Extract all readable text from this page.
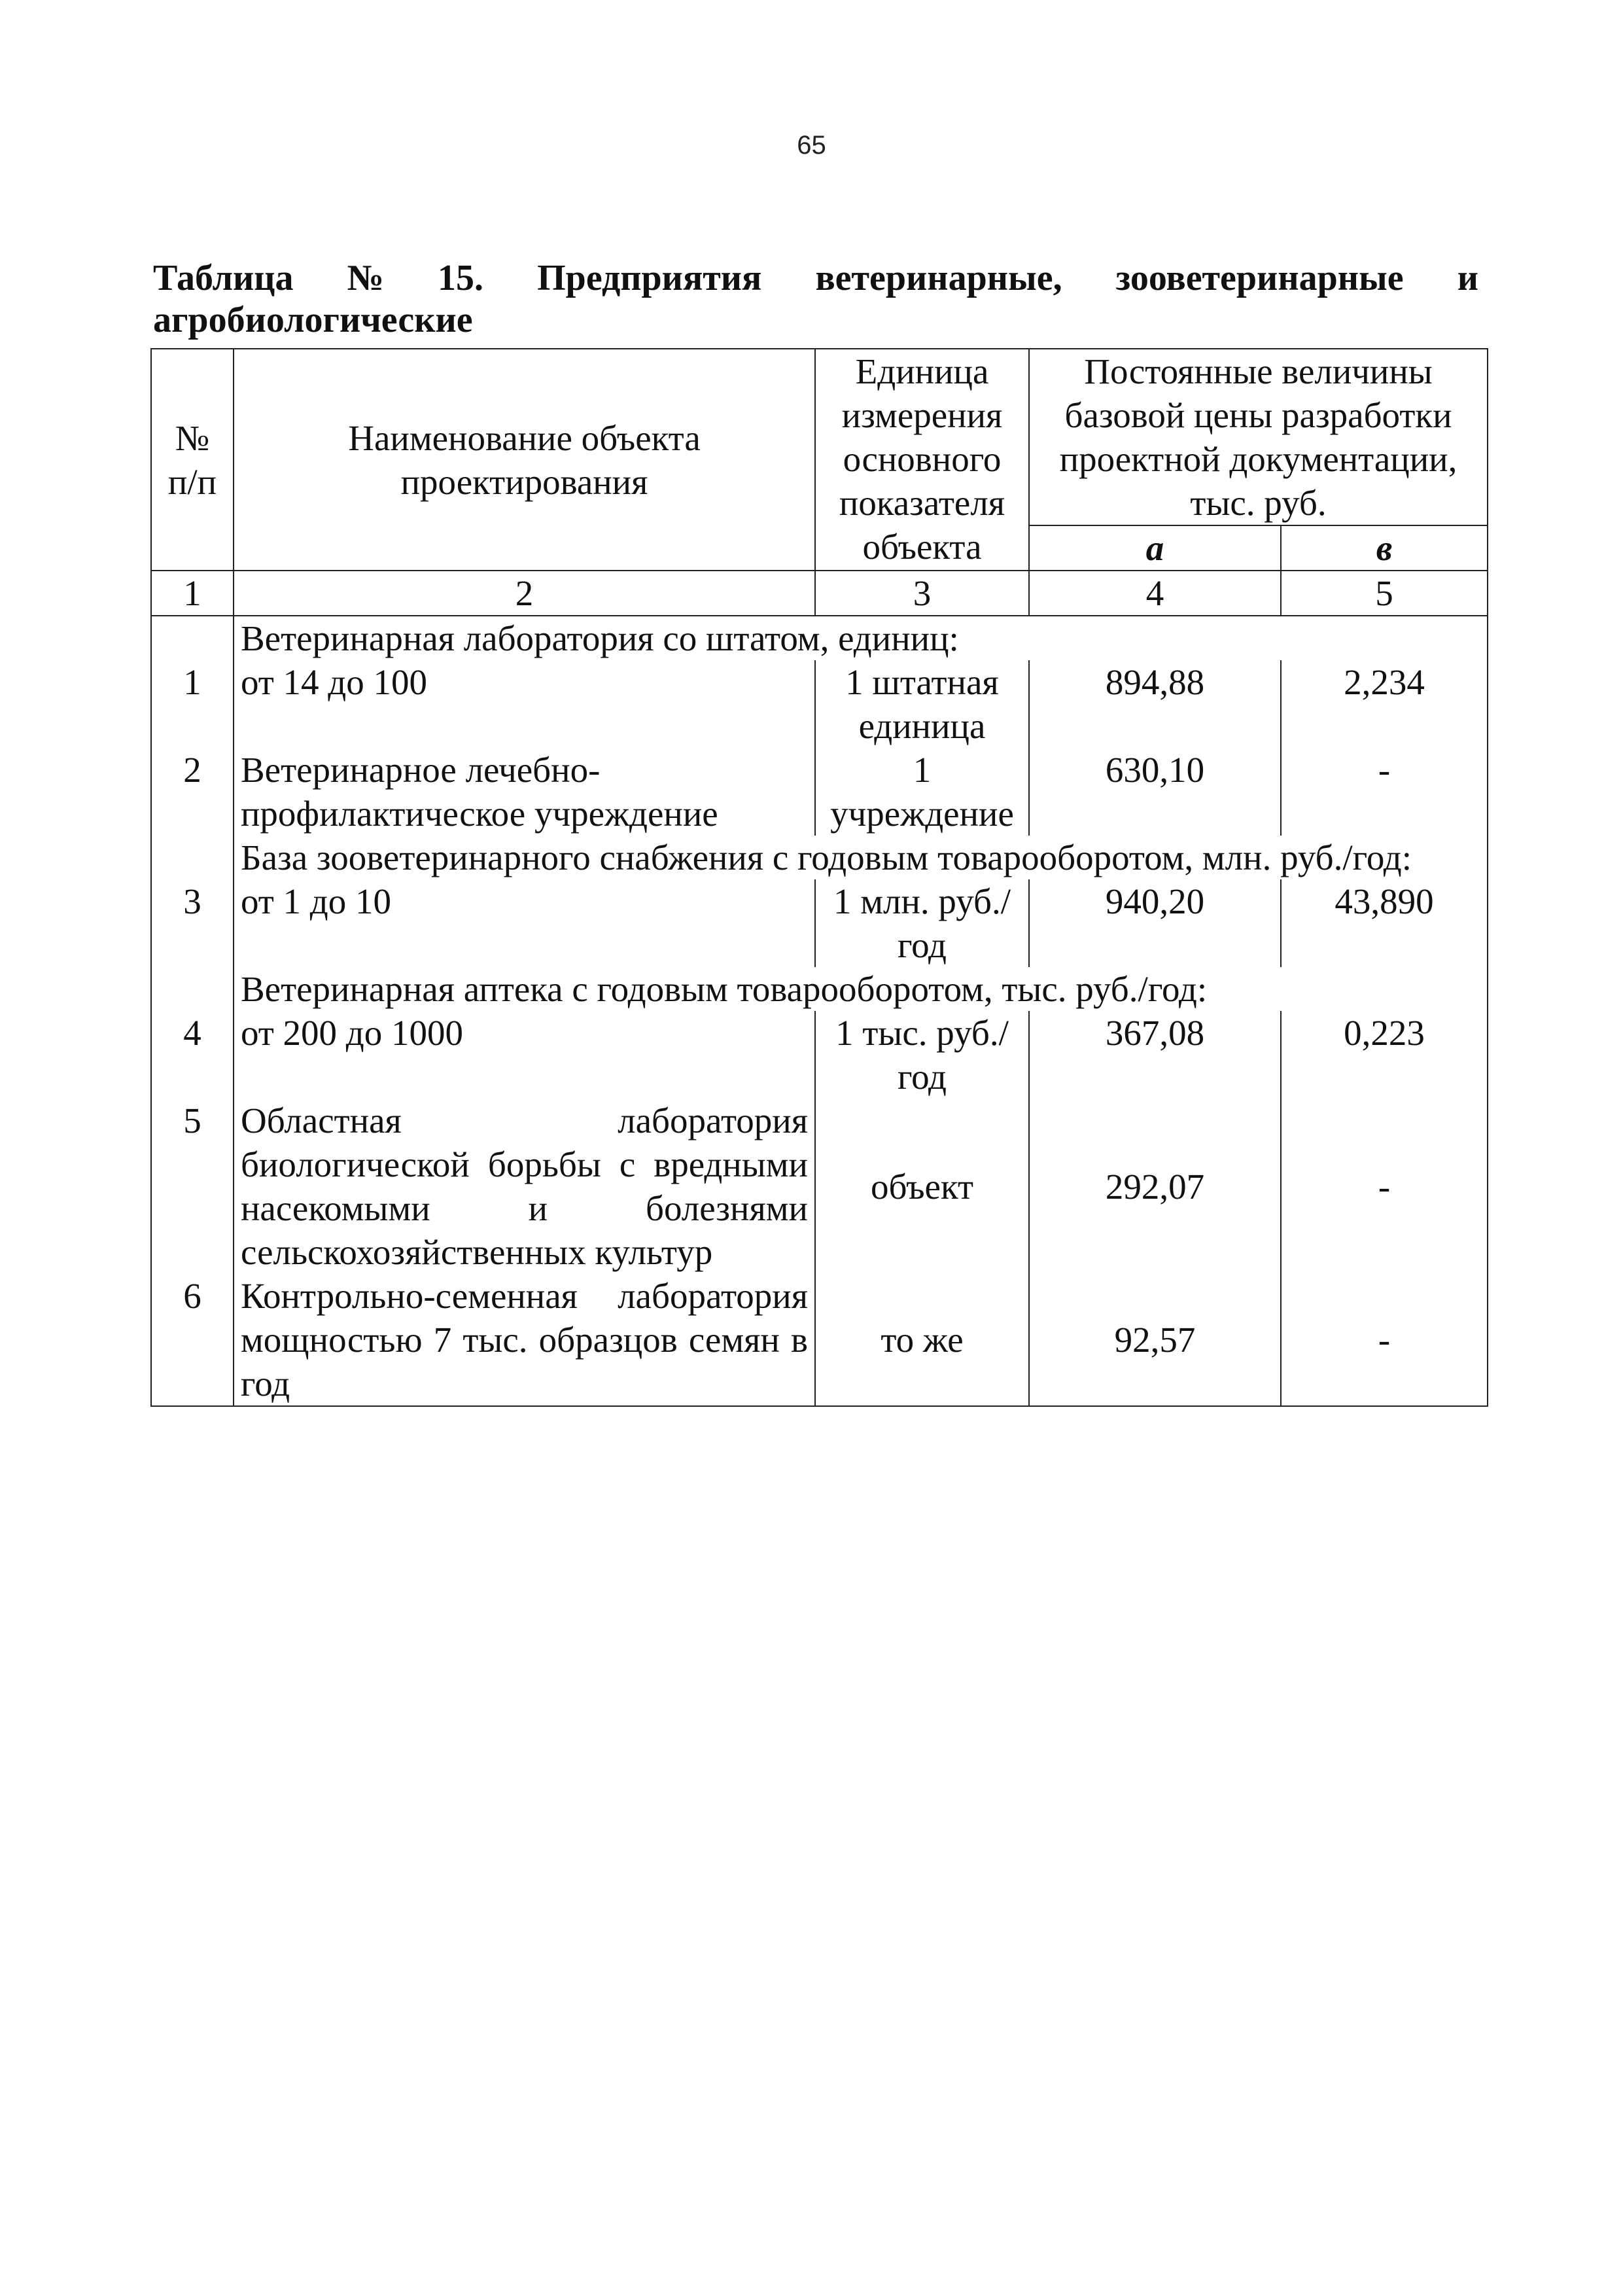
65
Таблица № 15. Предприятия ветеринарные, зооветеринарные и
агробиологические
№ п/п	Наименование объекта проектирования	Единица измерения основного показателя объекта	Постоянные величины базовой цены разработки проектной документации, тыс. руб.	
			а	в
1	2	3	4	5
	Ветеринарная лаборатория со штатом, единиц:			
1	от 14 до 100	1 штатная единица	894,88	2,234
2	Ветеринарное лечебно-профилактическое учреждение	1 учреждение	630,10	-
	База зооветеринарного снабжения с годовым товарооборотом, млн. руб./год:			
3	от 1 до 10	1 млн. руб./год	940,20	43,890
	Ветеринарная аптека с годовым товарооборотом, тыс. руб./год:			
4	от 200 до 1000	1 тыс. руб./год	367,08	0,223
5	Областная лаборатория биологической борьбы с вредными насекомыми и болезнями сельскохозяйственных культур	объект	292,07	-
6	Контрольно-семенная лаборатория мощностью 7 тыс. образцов семян в год	то же	92,57	-
